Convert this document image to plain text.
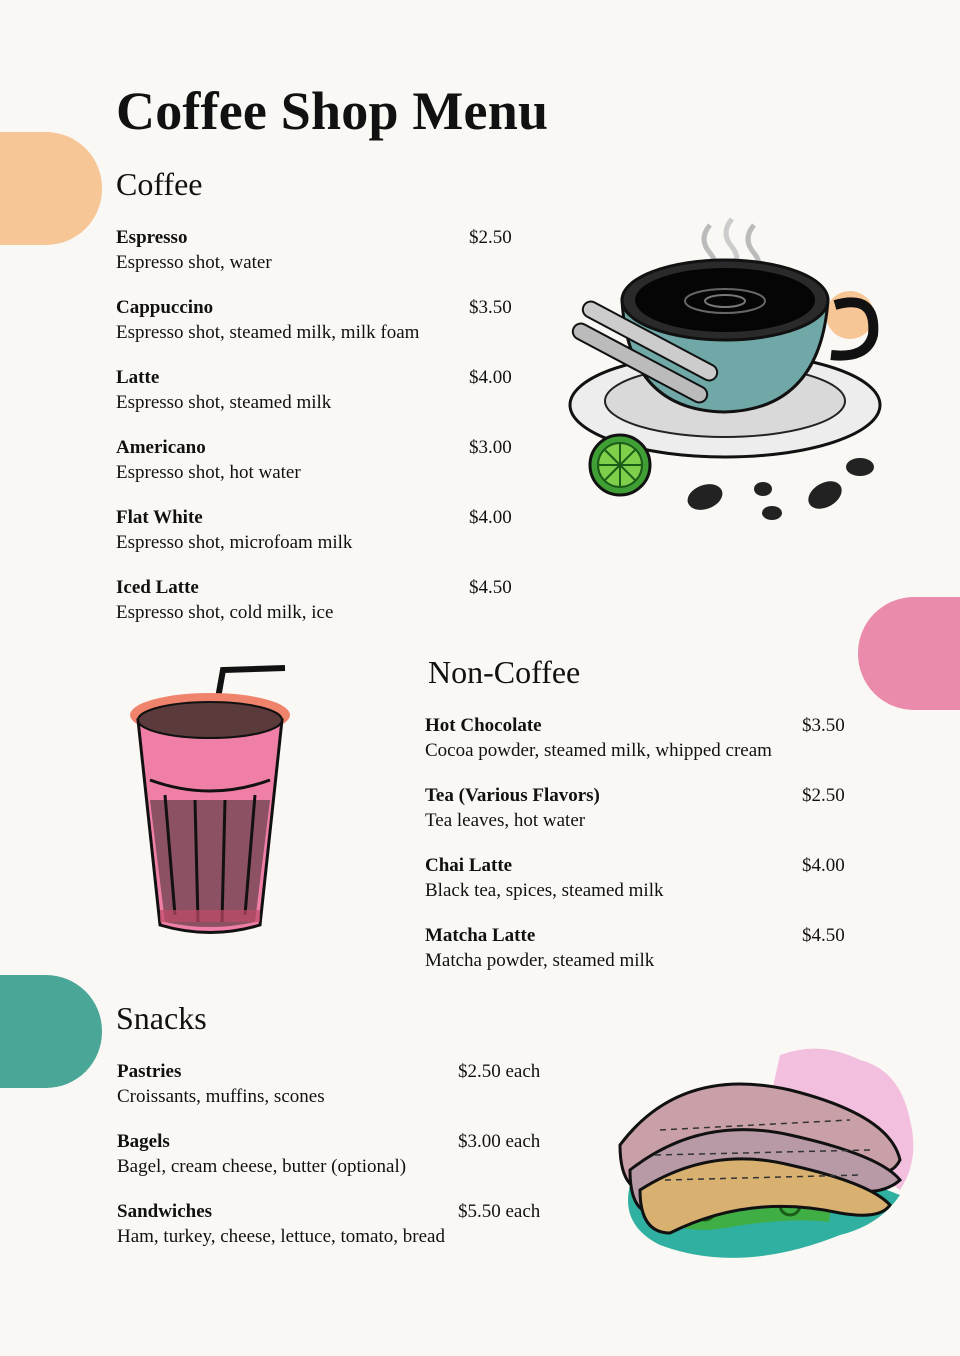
Coffee Shop Menu
Coffee
Espresso	$2.50
Espresso shot, water
Cappuccino	$3.50
Espresso shot, steamed milk, milk foam
Latte	$4.00
Espresso shot, steamed milk
Americano	$3.00
Espresso shot, hot water
Flat White	$4.00
Espresso shot, microfoam milk
Iced Latte	$4.50
Espresso shot, cold milk, ice
Non-Coffee
Hot Chocolate	$3.50
Cocoa powder, steamed milk, whipped cream
Tea (Various Flavors)	$2.50
Tea leaves, hot water
Chai Latte	$4.00
Black tea, spices, steamed milk
Matcha Latte	$4.50
Matcha powder, steamed milk
Snacks
Pastries	$2.50 each
Croissants, muffins, scones
Bagels	$3.00 each
Bagel, cream cheese, butter (optional)
Sandwiches	$5.50 each
Ham, turkey, cheese, lettuce, tomato, bread
